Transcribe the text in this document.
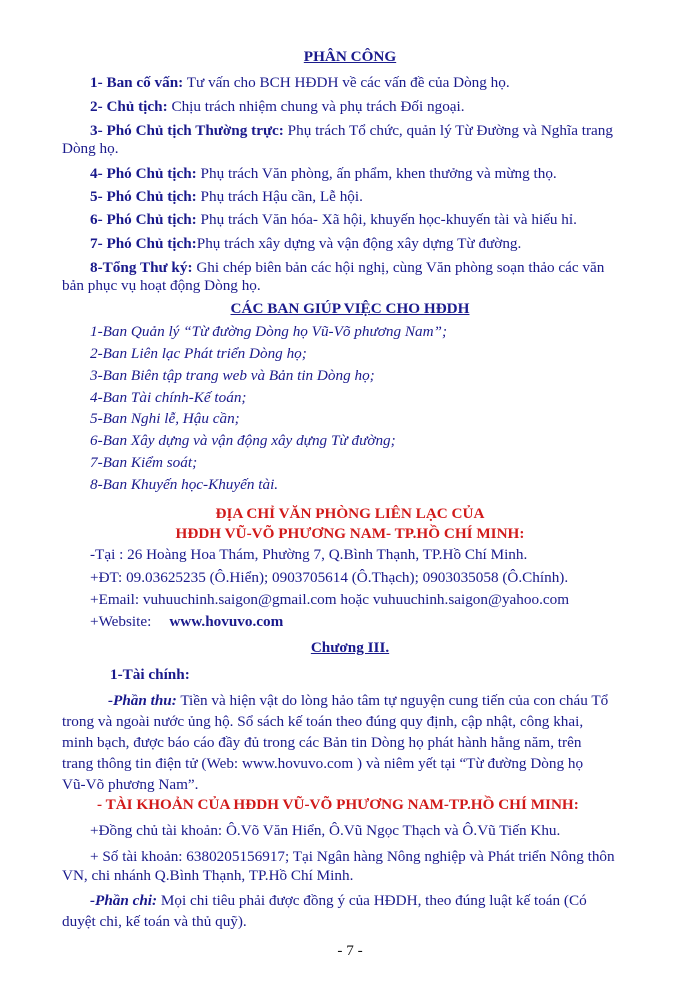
PHÂN CÔNG
1- Ban cố vấn: Tư vấn cho BCH HĐDH về các vấn đề của Dòng họ.
2- Chủ tịch: Chịu trách nhiệm chung và phụ trách Đối ngoại.
3- Phó Chủ tịch Thường trực: Phụ trách Tổ chức, quản lý Từ Đường và Nghĩa trang
Dòng họ.
4- Phó Chủ tịch: Phụ trách Văn phòng, ấn phẩm, khen thưởng và mừng thọ.
5- Phó Chủ tịch: Phụ trách Hậu cần, Lễ hội.
6- Phó Chủ tịch: Phụ trách Văn hóa- Xã hội, khuyến học-khuyến tài và hiếu hỉ.
7- Phó Chủ tịch:Phụ trách xây dựng và vận động xây dựng Từ đường.
8-Tổng Thư ký: Ghi chép biên bản các hội nghị, cùng Văn phòng soạn thảo các văn
bản phục vụ hoạt động Dòng họ.
CÁC BAN GIÚP VIỆC CHO HĐDH
1-Ban Quản lý “Từ đường Dòng họ Vũ-Võ phương Nam”;
2-Ban Liên lạc Phát triển Dòng họ;
3-Ban Biên tập trang web và Bản tin Dòng họ;
4-Ban Tài chính-Kế toán;
5-Ban Nghi lễ, Hậu cần;
6-Ban Xây dựng và vận động xây dựng Từ đường;
7-Ban Kiểm soát;
8-Ban Khuyến học-Khuyến tài.
ĐỊA CHỈ VĂN PHÒNG LIÊN LẠC CỦA
HĐDH VŨ-VÕ PHƯƠNG NAM- TP.HỒ CHÍ MINH:
-Tại : 26 Hoàng Hoa Thám, Phường 7, Q.Bình Thạnh, TP.Hồ Chí Minh.
+ĐT: 09.03625235 (Ô.Hiển); 0903705614 (Ô.Thạch); 0903035058 (Ô.Chính).
+Email: vuhuuchinh.saigon@gmail.com hoặc vuhuuchinh.saigon@yahoo.com
+Website: www.hovuvo.com
Chương III.
1-Tài chính:
-Phần thu: Tiền và hiện vật do lòng hảo tâm tự nguyện cung tiến của con cháu Tổ
trong và ngoài nước ủng hộ. Sổ sách kế toán theo đúng quy định, cập nhật, công khai,
minh bạch, được báo cáo đầy đủ trong các Bản tin Dòng họ phát hành hằng năm, trên
trang thông tin điện tử (Web: www.hovuvo.com ) và niêm yết tại “Từ đường Dòng họ
Vũ-Võ phương Nam”.
- TÀI KHOẢN CỦA HĐDH VŨ-VÕ PHƯƠNG NAM-TP.HỒ CHÍ MINH:
+Đồng chủ tài khoản: Ô.Võ Văn Hiển, Ô.Vũ Ngọc Thạch và Ô.Vũ Tiến Khu.
+ Số tài khoản: 6380205156917; Tại Ngân hàng Nông nghiệp và Phát triển Nông thôn
VN, chi nhánh Q.Bình Thạnh, TP.Hồ Chí Minh.
-Phần chi: Mọi chi tiêu phải được đồng ý của HĐDH, theo đúng luật kế toán (Có
duyệt chi, kế toán và thủ quỹ).
- 7 -
